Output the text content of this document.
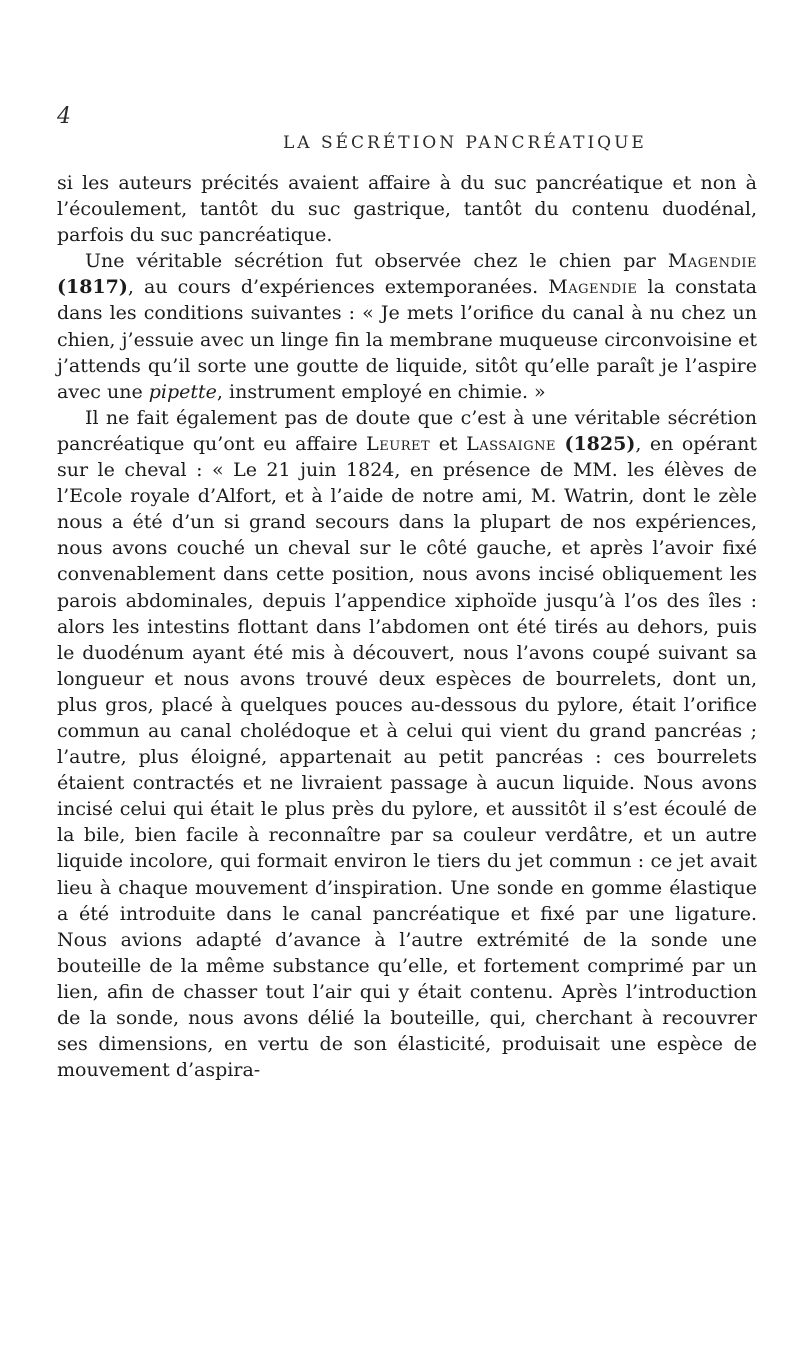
4
LA SÉCRÉTION PANCRÉATIQUE

si les auteurs précités avaient affaire à du suc pancréatique et non à l’écoulement, tantôt du suc gastrique, tantôt du contenu duodénal, parfois du suc pancréatique.

Une véritable sécrétion fut observée chez le chien par Magendie (1817), au cours d’expériences extemporanées. Magendie la constata dans les conditions suivantes : « Je mets l’orifice du canal à nu chez un chien, j’essuie avec un linge fin la membrane muqueuse circonvoisine et j’attends qu’il sorte une goutte de liquide, sitôt qu’elle paraît je l’aspire avec une pipette, instrument employé en chimie. »

Il ne fait également pas de doute que c’est à une véritable sécrétion pancréatique qu’ont eu affaire Leuret et Lassaigne (1825), en opérant sur le cheval : « Le 21 juin 1824, en présence de MM. les élèves de l’Ecole royale d’Alfort, et à l’aide de notre ami, M. Watrin, dont le zèle nous a été d’un si grand secours dans la plupart de nos expériences, nous avons couché un cheval sur le côté gauche, et après l’avoir fixé convenablement dans cette position, nous avons incisé obliquement les parois abdominales, depuis l’appendice xiphoïde jusqu’à l’os des îles : alors les intestins flottant dans l’abdomen ont été tirés au dehors, puis le duodénum ayant été mis à découvert, nous l’avons coupé suivant sa longueur et nous avons trouvé deux espèces de bourrelets, dont un, plus gros, placé à quelques pouces au-dessous du pylore, était l’orifice commun au canal cholédoque et à celui qui vient du grand pancréas ; l’autre, plus éloigné, appartenait au petit pancréas : ces bourrelets étaient contractés et ne livraient passage à aucun liquide. Nous avons incisé celui qui était le plus près du pylore, et aussitôt il s’est écoulé de la bile, bien facile à reconnaître par sa couleur verdâtre, et un autre liquide incolore, qui formait environ le tiers du jet commun : ce jet avait lieu à chaque mouvement d’inspiration. Une sonde en gomme élastique a été introduite dans le canal pancréatique et fixé par une ligature. Nous avions adapté d’avance à l’autre extrémité de la sonde une bouteille de la même substance qu’elle, et fortement comprimé par un lien, afin de chasser tout l’air qui y était contenu. Après l’introduction de la sonde, nous avons délié la bouteille, qui, cherchant à recouvrer ses dimensions, en vertu de son élasticité, produisait une espèce de mouvement d’aspira-
